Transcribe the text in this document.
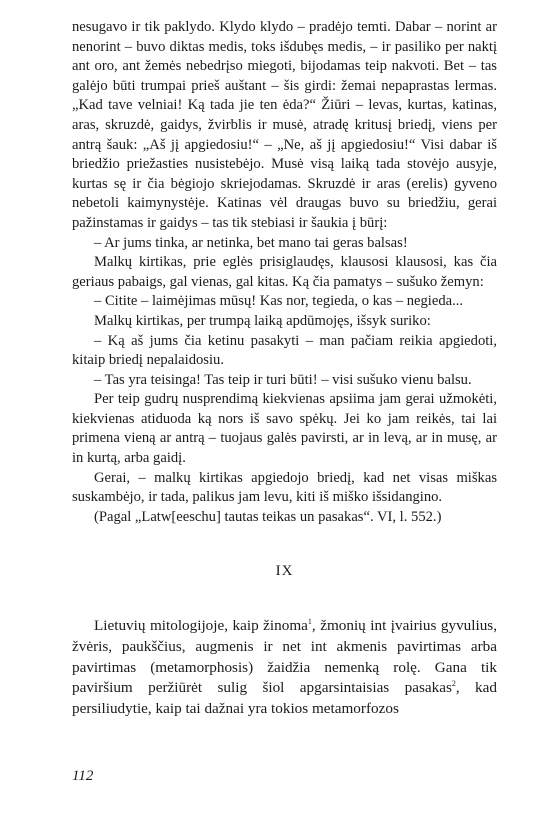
nesugavo ir tik paklydo. Klydo klydo – pradėjo temti. Dabar – norint ar nenorint – buvo diktas medis, toks išdubęs medis, – ir pasiliko per naktį ant oro, ant žemės nebedrįso miegoti, bijodamas teip nakvoti. Bet – tas galėjo būti trumpai prieš auštant – šis girdi: žemai nepaprastas lermas. „Kad tave velniai! Ką tada jie ten ėda?“ Žiūri – levas, kurtas, katinas, aras, skruzdė, gaidys, žvirblis ir musė, atradę kritusį briedį, viens per antrą šauk: „Aš jį apgiedosiu!“ – „Ne, aš jį apgiedosiu!“ Visi dabar iš briedžio priežasties nusistebėjo. Musė visą laiką tada stovėjo ausyje, kurtas sę ir čia bėgiojo skriejodamas. Skruzdė ir aras (erelis) gyveno nebetoli kaimynystėje. Katinas vėl draugas buvo su briedžiu, gerai pažinstamas ir gaidys – tas tik stebiasi ir šaukia į būrį:

– Ar jums tinka, ar netinka, bet mano tai geras balsas!

Malkų kirtikas, prie eglės prisiglaudęs, klausosi klausosi, kas čia geriaus pabaigs, gal vienas, gal kitas. Ką čia pamatys – sušuko žemyn:

– Citite – laimėjimas mūsų! Kas nor, tegieda, o kas – negieda...

Malkų kirtikas, per trumpą laiką apdūmojęs, išsyk suriko:

– Ką aš jums čia ketinu pasakyti – man pačiam reikia apgiedoti, kitaip briedį nepalaidosiu.

– Tas yra teisinga! Tas teip ir turi būti! – visi sušuko vienu balsu.

Per teip gudrų nusprendimą kiekvienas apsiima jam gerai užmokėti, kiekvienas atiduoda ką nors iš savo spėkų. Jei ko jam reikės, tai lai primena vieną ar antrą – tuojaus galės pavirsti, ar in levą, ar in musę, ar in kurtą, arba gaidį.

Gerai, – malkų kirtikas apgiedojo briedį, kad net visas miškas suskambėjo, ir tada, palikus jam levu, kiti iš miško išsidangino.

(Pagal „Latw[eeschu] tautas teikas un pasakas“. VI, l. 552.)

IX

Lietuvių mitologijoje, kaip žinoma$^1$, žmonių int įvairius gyvulius, žvėris, paukščius, augmenis ir net int akmenis pavirtimas arba pavirtimas (metamorphosis) žaidžia nemenką rolę. Gana tik paviršium peržiūrėt sulig šiol apgarsintaisias pasakas$^2$, kad persiliudytie, kaip tai dažnai yra tokios metamorfozos

112
